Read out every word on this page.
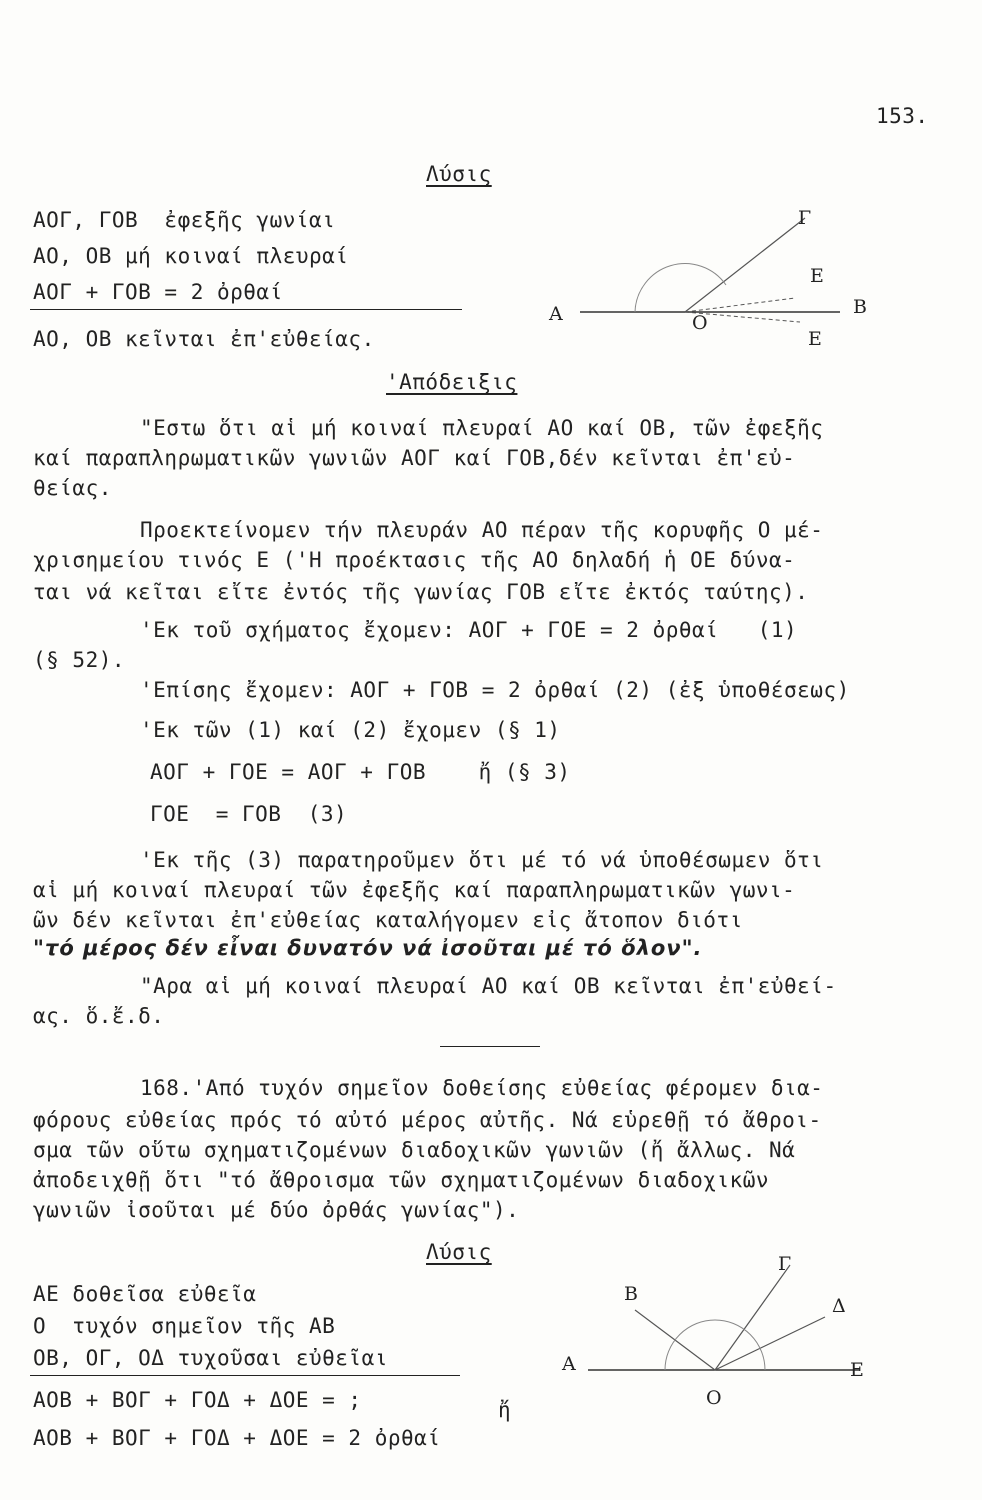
153.
Λύσις
ΑΟΓ, ΓΟΒ  ἐφεξῆς γωνίαι
ΑΟ, ΟΒ μή κοιναί πλευραί
ΑΟΓ + ΓΟΒ = 2 ὀρθαί
ΑΟ, ΟΒ κεῖνται ἐπ'εὐθείας.
Α
Γ
Ε
Β
Ο
Ε
'Απόδειξις
"Εστω ὅτι αἱ μή κοιναί πλευραί ΑΟ καί ΟΒ, τῶν ἐφεξῆς
καί παραπληρωματικῶν γωνιῶν ΑΟΓ καί ΓΟΒ,δέν κεῖνται ἐπ'εὐ-
θείας.
Προεκτείνομεν τήν πλευράν ΑΟ πέραν τῆς κορυφῆς Ο μέ-
χρισημείου τινός Ε ('Η προέκτασις τῆς ΑΟ δηλαδή ἡ ΟΕ δύνα-
ται νά κεῖται εἴτε ἐντός τῆς γωνίας ΓΟΒ εἴτε ἐκτός ταύτης).
'Εκ τοῦ σχήματος ἔχομεν: ΑΟΓ + ΓΟΕ = 2 ὀρθαί   (1)
(§ 52).
'Επίσης ἔχομεν: ΑΟΓ + ΓΟΒ = 2 ὀρθαί (2) (ἐξ ὑποθέσεως)
'Εκ τῶν (1) καί (2) ἔχομεν (§ 1)
ΑΟΓ + ΓΟΕ = ΑΟΓ + ΓΟΒ    ἤ (§ 3)
ΓΟΕ  = ΓΟΒ  (3)
'Εκ τῆς (3) παρατηροῦμεν ὅτι μέ τό νά ὑποθέσωμεν ὅτι
αἱ μή κοιναί πλευραί τῶν ἐφεξῆς καί παραπληρωματικῶν γωνι-
ῶν δέν κεῖνται ἐπ'εὐθείας καταλήγομεν εἰς ἄτοπον διότι
"τό μέρος δέν εἶναι δυνατόν νά ἰσοῦται μέ τό ὅλον".
"Αρα αἱ μή κοιναί πλευραί ΑΟ καί ΟΒ κεῖνται ἐπ'εὐθεί-
ας. ὅ.ἔ.δ.
168.'Από τυχόν σημεῖον δοθείσης εὐθείας φέρομεν δια-
φόρους εὐθείας πρός τό αὐτό μέρος αὐτῆς. Νά εὑρεθῇ τό ἄθροι-
σμα τῶν οὕτω σχηματιζομένων διαδοχικῶν γωνιῶν (ἤ ἄλλως. Νά
ἀποδειχθῇ ὅτι "τό ἄθροισμα τῶν σχηματιζομένων διαδοχικῶν
γωνιῶν ἰσοῦται μέ δύο ὀρθάς γωνίας").
Λύσις
ΑΕ δοθεῖσα εὐθεῖα
Ο  τυχόν σημεῖον τῆς ΑΒ
ΟΒ, ΟΓ, ΟΔ τυχοῦσαι εὐθεῖαι
ΑΟΒ + ΒΟΓ + ΓΟΔ + ΔΟΕ = ;	ἤ
ΑΟΒ + ΒΟΓ + ΓΟΔ + ΔΟΕ = 2 ὀρθαί
Α
Β
Γ
Δ
Ε
Ο
